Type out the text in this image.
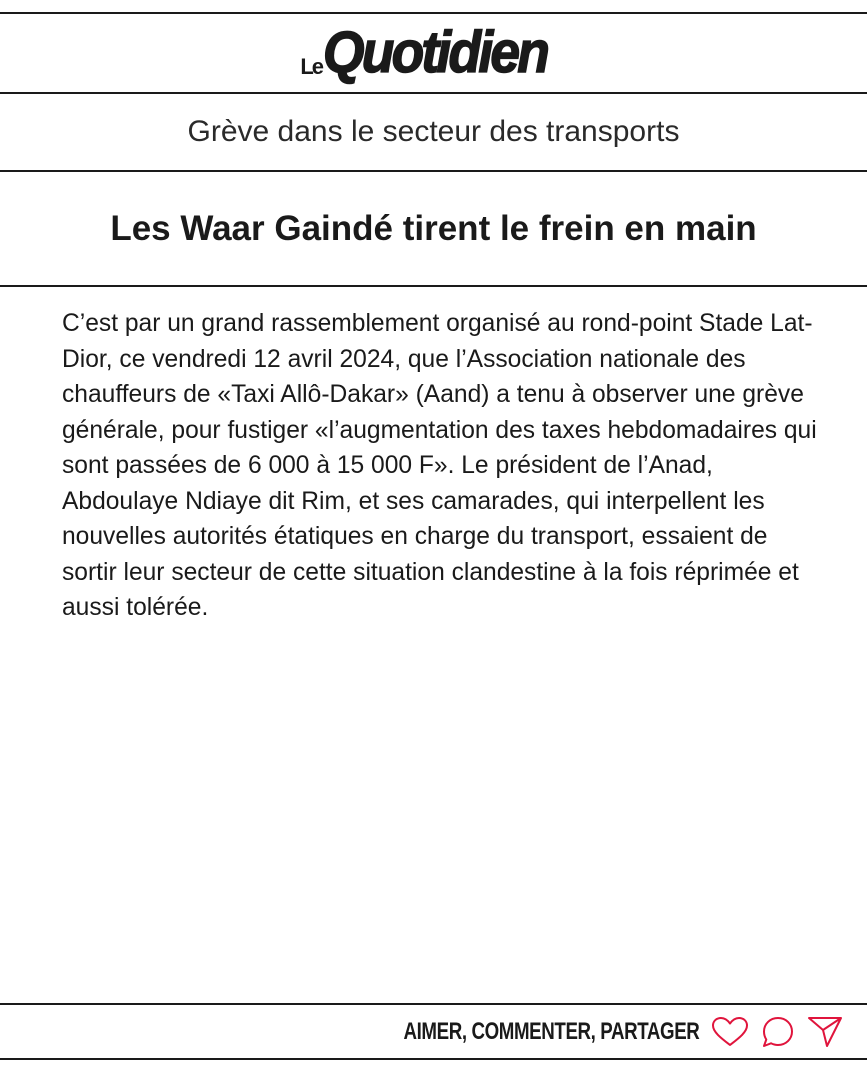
Le Quotidien
Grève dans le secteur des transports
Les Waar Gaindé tirent le frein en main

C’est par un grand rassemblement organisé au rond-point Stade Lat-Dior, ce vendredi 12 avril 2024, que l’Association nationale des chauffeurs de «Taxi Allô-Dakar» (Aand) a tenu à observer une grève générale, pour fustiger «l’augmentation des taxes hebdomadaires qui sont passées de 6 000 à 15 000 F». Le président de l’Anad, Abdoulaye Ndiaye dit Rim, et ses camarades, qui interpellent les nouvelles autorités étatiques en charge du transport, essaient de sortir leur secteur de cette situation clandestine à la fois réprimée et aussi tolérée.

AIMER, COMMENTER, PARTAGER
